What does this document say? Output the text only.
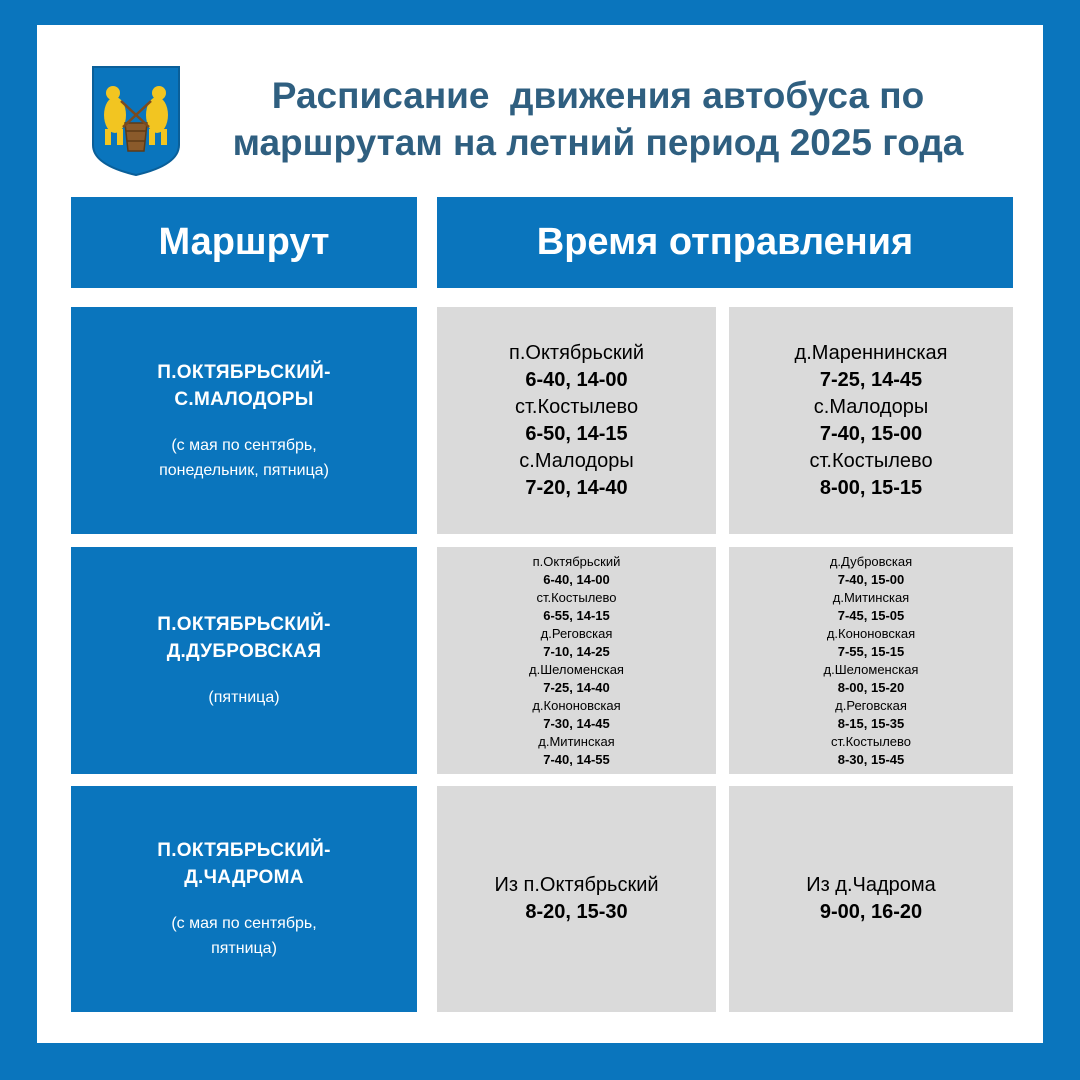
Расписание  движения автобуса по
маршрутам на летний период 2025 года
Маршрут	Время отправления
П.ОКТЯБРЬСКИЙ-
С.МАЛОДОРЫ
(с мая по сентябрь,
понедельник, пятница)
п.Октябрьский
6-40, 14-00
ст.Костылево
6-50, 14-15
с.Малодоры
7-20, 14-40
д.Мареннинская
7-25, 14-45
с.Малодоры
7-40, 15-00
ст.Костылево
8-00, 15-15
П.ОКТЯБРЬСКИЙ-
Д.ДУБРОВСКАЯ
(пятница)
п.Октябрьский
6-40, 14-00
ст.Костылево
6-55, 14-15
д.Реговская
7-10, 14-25
д.Шеломенская
7-25, 14-40
д.Кононовская
7-30, 14-45
д.Митинская
7-40, 14-55
д.Дубровская
7-40, 15-00
д.Митинская
7-45, 15-05
д.Кононовская
7-55, 15-15
д.Шеломенская
8-00, 15-20
д.Реговская
8-15, 15-35
ст.Костылево
8-30, 15-45
П.ОКТЯБРЬСКИЙ-
Д.ЧАДРОМА
(с мая по сентябрь,
пятница)
Из п.Октябрьский
8-20, 15-30
Из д.Чадрома
9-00, 16-20
